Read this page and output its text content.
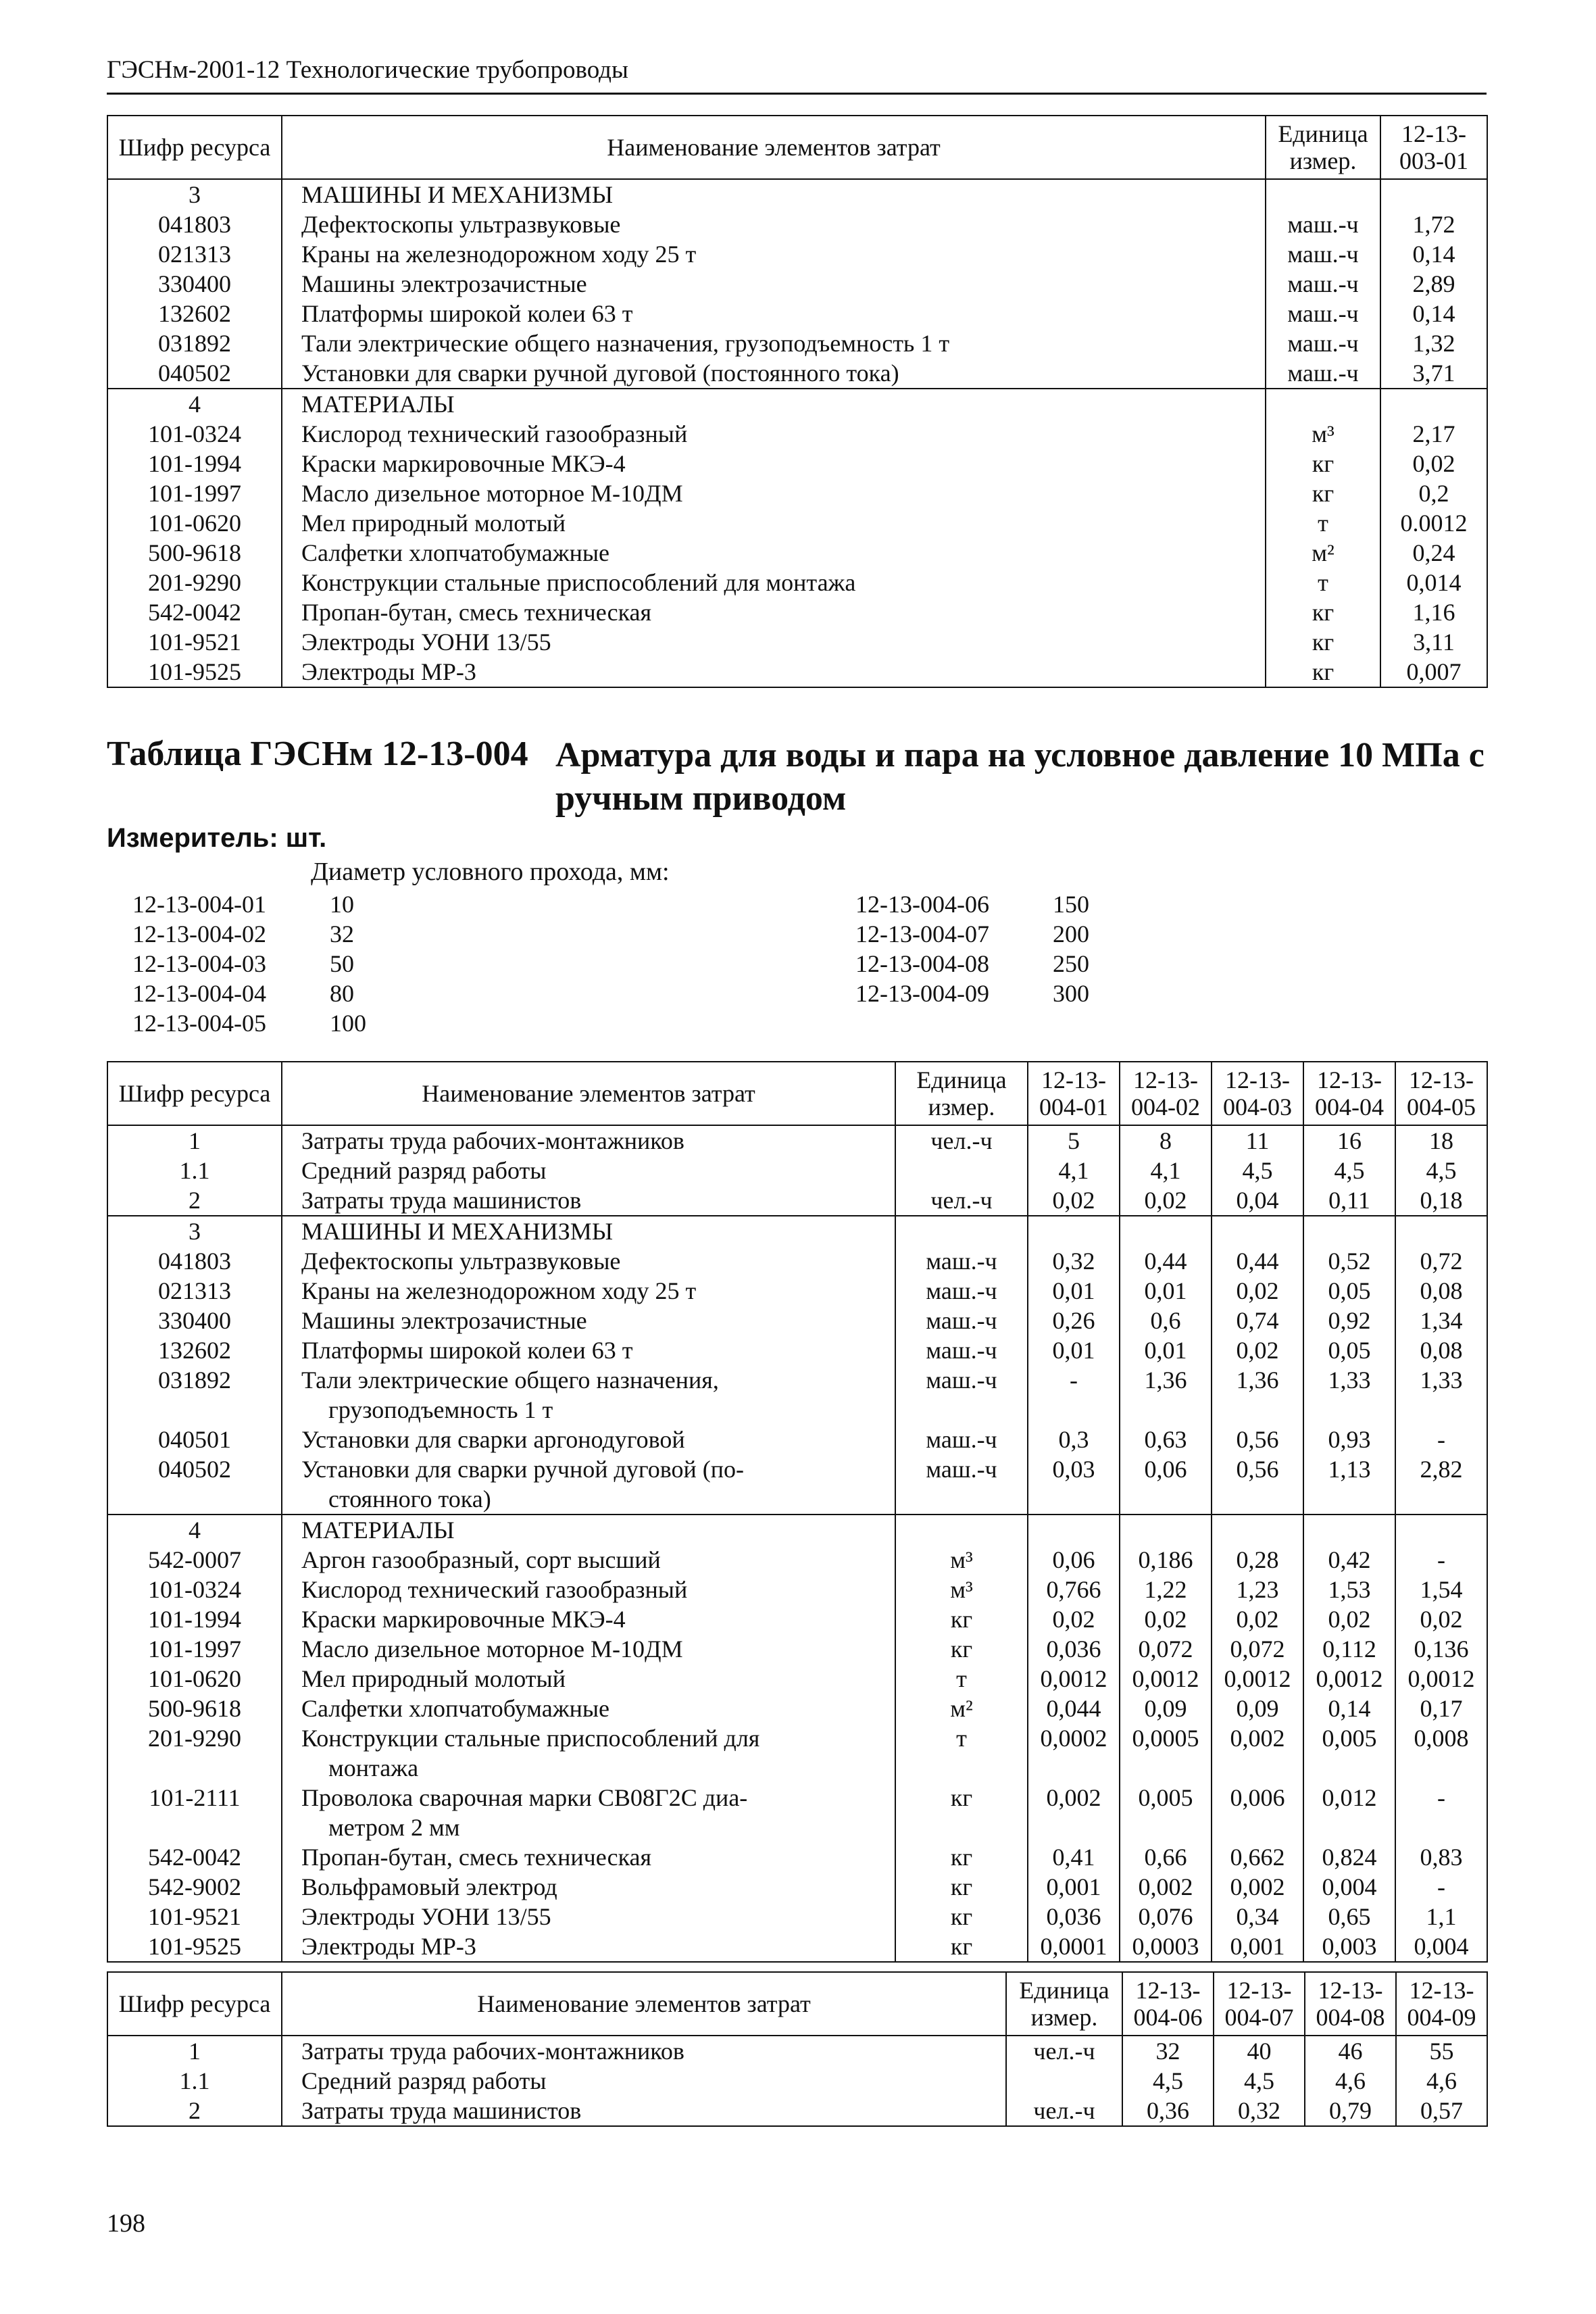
ГЭСНм-2001-12 Технологические трубопроводы
Шифр ресурса	Наименование элементов затрат	Единица измер.	12-13-003-01
3	МАШИНЫ И МЕХАНИЗМЫ		
041803	Дефектоскопы ультразвуковые	маш.-ч	1,72
021313	Краны на железнодорожном ходу 25 т	маш.-ч	0,14
330400	Машины электрозачистные	маш.-ч	2,89
132602	Платформы широкой колеи 63 т	маш.-ч	0,14
031892	Тали электрические общего назначения, грузоподъемность 1 т	маш.-ч	1,32
040502	Установки для сварки ручной дуговой (постоянного тока)	маш.-ч	3,71
4	МАТЕРИАЛЫ		
101-0324	Кислород технический газообразный	м³	2,17
101-1994	Краски маркировочные МКЭ-4	кг	0,02
101-1997	Масло дизельное моторное М-10ДМ	кг	0,2
101-0620	Мел природный молотый	т	0.0012
500-9618	Салфетки хлопчатобумажные	м²	0,24
201-9290	Конструкции стальные приспособлений для монтажа	т	0,014
542-0042	Пропан-бутан, смесь техническая	кг	1,16
101-9521	Электроды УОНИ 13/55	кг	3,11
101-9525	Электроды МР-3	кг	0,007
Таблица ГЭСНм 12-13-004 Арматура для воды и пара на условное давление 10 МПа с ручным приводом
Измеритель: шт.
Диаметр условного прохода, мм:
12-13-004-01	10
12-13-004-02	32
12-13-004-03	50
12-13-004-04	80
12-13-004-05	100
12-13-004-06	150
12-13-004-07	200
12-13-004-08	250
12-13-004-09	300
Шифр ресурса	Наименование элементов затрат	Единица измер.	12-13-004-01	12-13-004-02	12-13-004-03	12-13-004-04	12-13-004-05
1	Затраты труда рабочих-монтажников	чел.-ч	5	8	11	16	18
1.1	Средний разряд работы		4,1	4,1	4,5	4,5	4,5
2	Затраты труда машинистов	чел.-ч	0,02	0,02	0,04	0,11	0,18
3	МАШИНЫ И МЕХАНИЗМЫ						
041803	Дефектоскопы ультразвуковые	маш.-ч	0,32	0,44	0,44	0,52	0,72
021313	Краны на железнодорожном ходу 25 т	маш.-ч	0,01	0,01	0,02	0,05	0,08
330400	Машины электрозачистные	маш.-ч	0,26	0,6	0,74	0,92	1,34
132602	Платформы широкой колеи 63 т	маш.-ч	0,01	0,01	0,02	0,05	0,08
031892	Тали электрические общего назначения,
грузоподъемность 1 т	маш.-ч	-	1,36	1,36	1,33	1,33
040501	Установки для сварки аргонодуговой	маш.-ч	0,3	0,63	0,56	0,93	-
040502	Установки для сварки ручной дуговой (по-
стоянного тока)	маш.-ч	0,03	0,06	0,56	1,13	2,82
4	МАТЕРИАЛЫ						
542-0007	Аргон газообразный, сорт высший	м³	0,06	0,186	0,28	0,42	-
101-0324	Кислород технический газообразный	м³	0,766	1,22	1,23	1,53	1,54
101-1994	Краски маркировочные МКЭ-4	кг	0,02	0,02	0,02	0,02	0,02
101-1997	Масло дизельное моторное М-10ДМ	кг	0,036	0,072	0,072	0,112	0,136
101-0620	Мел природный молотый	т	0,0012	0,0012	0,0012	0,0012	0,0012
500-9618	Салфетки хлопчатобумажные	м²	0,044	0,09	0,09	0,14	0,17
201-9290	Конструкции стальные приспособлений для
монтажа	т	0,0002	0,0005	0,002	0,005	0,008
101-2111	Проволока сварочная марки СВ08Г2С диа-
метром 2 мм	кг	0,002	0,005	0,006	0,012	-
542-0042	Пропан-бутан, смесь техническая	кг	0,41	0,66	0,662	0,824	0,83
542-9002	Вольфрамовый электрод	кг	0,001	0,002	0,002	0,004	-
101-9521	Электроды УОНИ 13/55	кг	0,036	0,076	0,34	0,65	1,1
101-9525	Электроды МР-3	кг	0,0001	0,0003	0,001	0,003	0,004
Шифр ресурса	Наименование элементов затрат	Единица измер.	12-13-004-06	12-13-004-07	12-13-004-08	12-13-004-09
1	Затраты труда рабочих-монтажников	чел.-ч	32	40	46	55
1.1	Средний разряд работы		4,5	4,5	4,6	4,6
2	Затраты труда машинистов	чел.-ч	0,36	0,32	0,79	0,57
198
